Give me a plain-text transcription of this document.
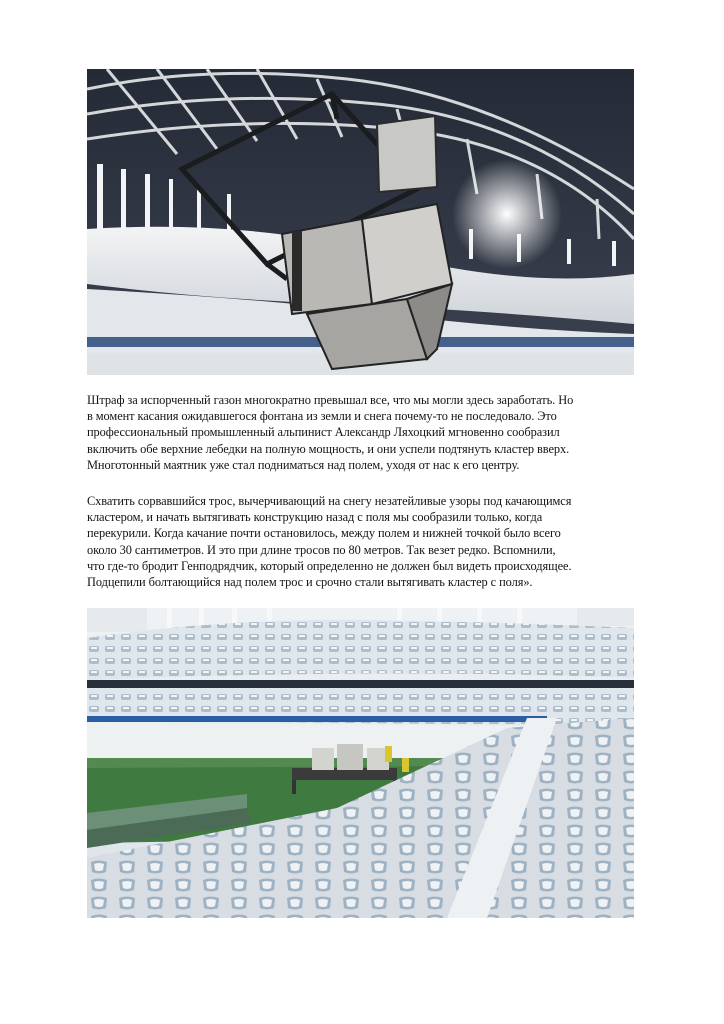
Штраф за испорченный газон многократно превышал все, что мы могли здесь заработать. Но
в момент касания ожидавшегося фонтана из земли и снега почему-то не последовало. Это
профессиональный промышленный альпинист Александр Ляхоцкий мгновенно сообразил
включить обе верхние лебедки на полную мощность, и они успели подтянуть кластер вверх.
Многотонный маятник уже стал подниматься над полем, уходя от нас к его центру.
Схватить сорвавшийся трос, вычерчивающий на снегу незатейливые узоры под качающимся
кластером, и начать вытягивать конструкцию назад с поля мы сообразили только, когда
перекурили. Когда качание почти остановилось, между полем и нижней точкой было всего
около 30 сантиметров. И это при длине тросов по 80 метров. Так везет редко. Вспомнили,
что где-то бродит Генподрядчик, который определенно не должен был видеть происходящее.
Подцепили болтающийся над полем трос и срочно стали вытягивать кластер с поля».
